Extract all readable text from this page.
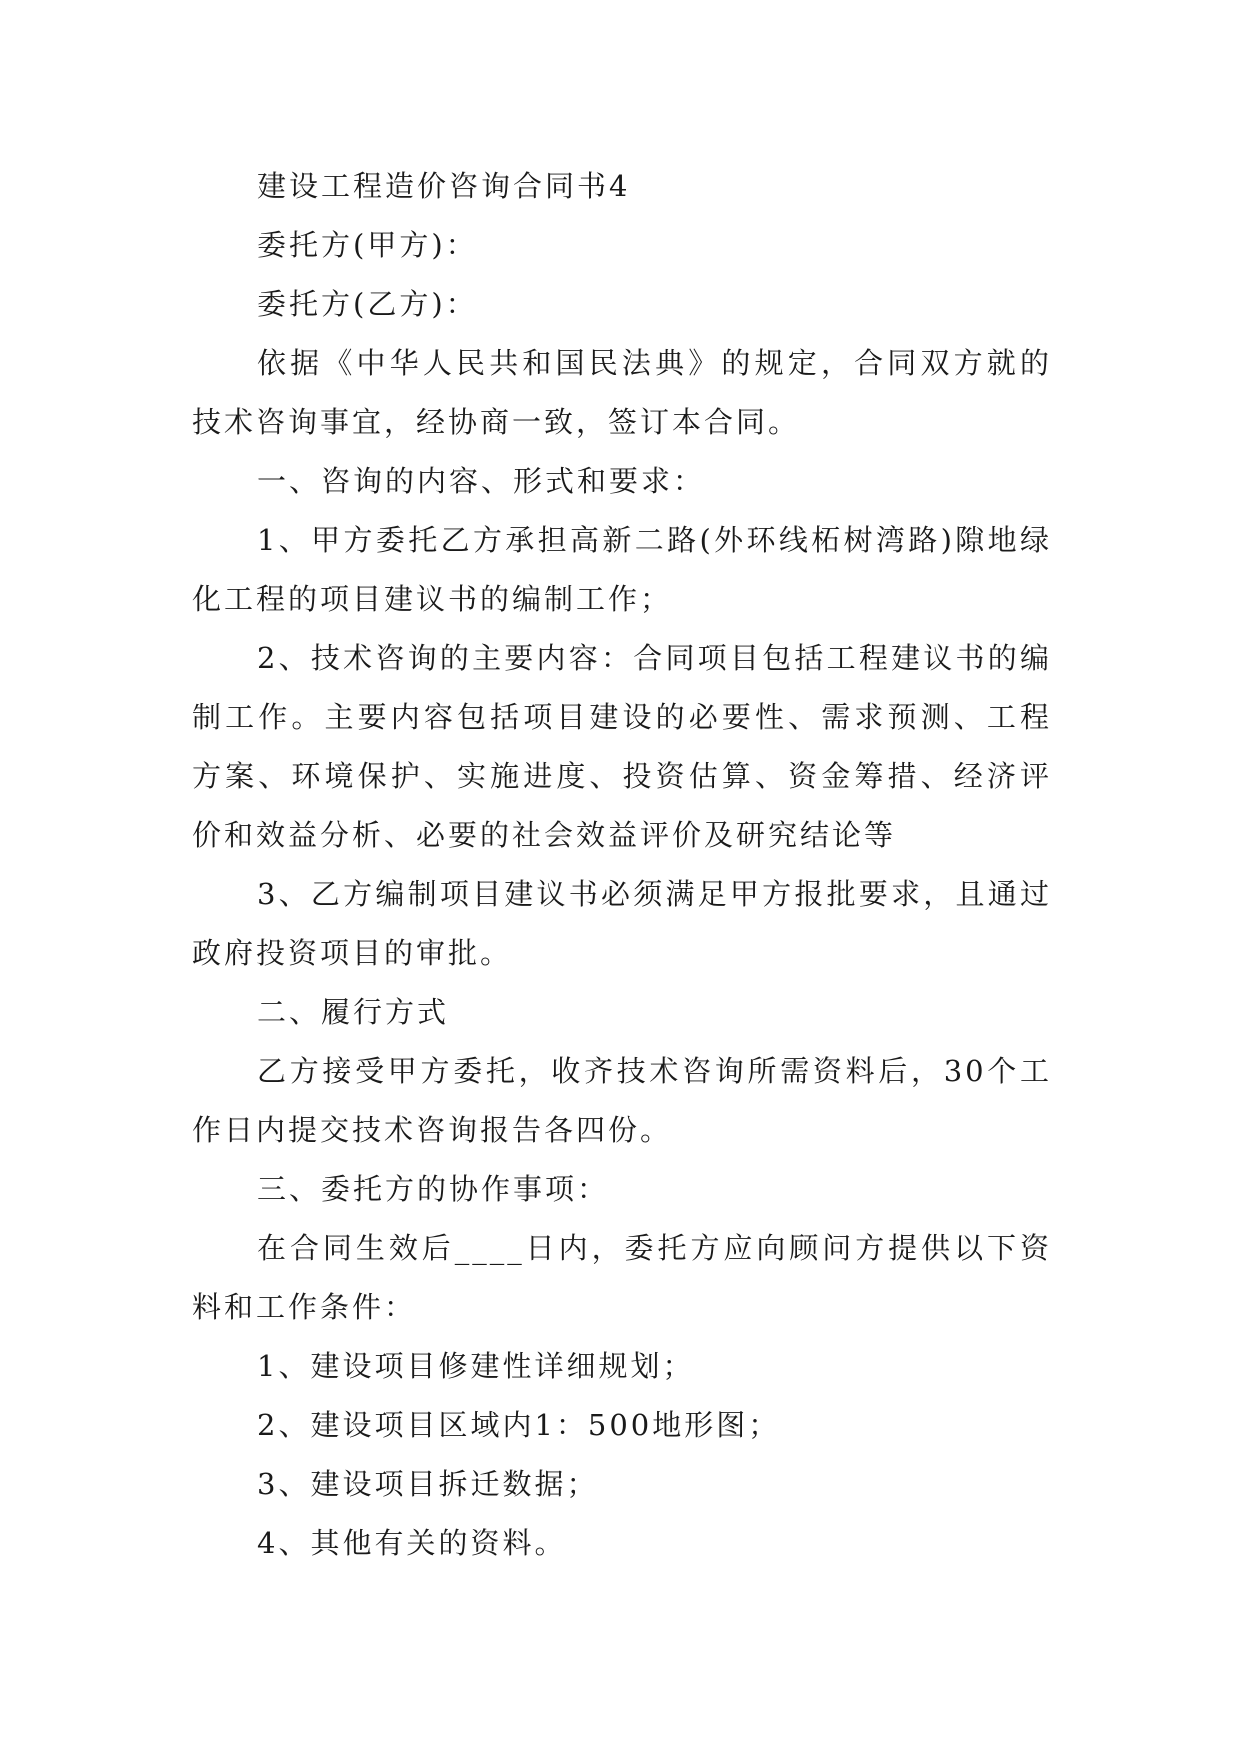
建设工程造价咨询合同书4

委托方(甲方)：

委托方(乙方)：

依据《中华人民共和国民法典》的规定，合同双方就的技术咨询事宜，经协商一致，签订本合同。

一、咨询的内容、形式和要求：

1、甲方委托乙方承担高新二路(外环线柘树湾路)隙地绿化工程的项目建议书的编制工作；

2、技术咨询的主要内容：合同项目包括工程建议书的编制工作。主要内容包括项目建设的必要性、需求预测、工程方案、环境保护、实施进度、投资估算、资金筹措、经济评价和效益分析、必要的社会效益评价及研究结论等

3、乙方编制项目建议书必须满足甲方报批要求，且通过政府投资项目的审批。

二、履行方式

乙方接受甲方委托，收齐技术咨询所需资料后，30个工作日内提交技术咨询报告各四份。

三、委托方的协作事项：

在合同生效后____日内，委托方应向顾问方提供以下资料和工作条件：

1、建设项目修建性详细规划；

2、建设项目区域内1：500地形图；

3、建设项目拆迁数据；

4、其他有关的资料。
